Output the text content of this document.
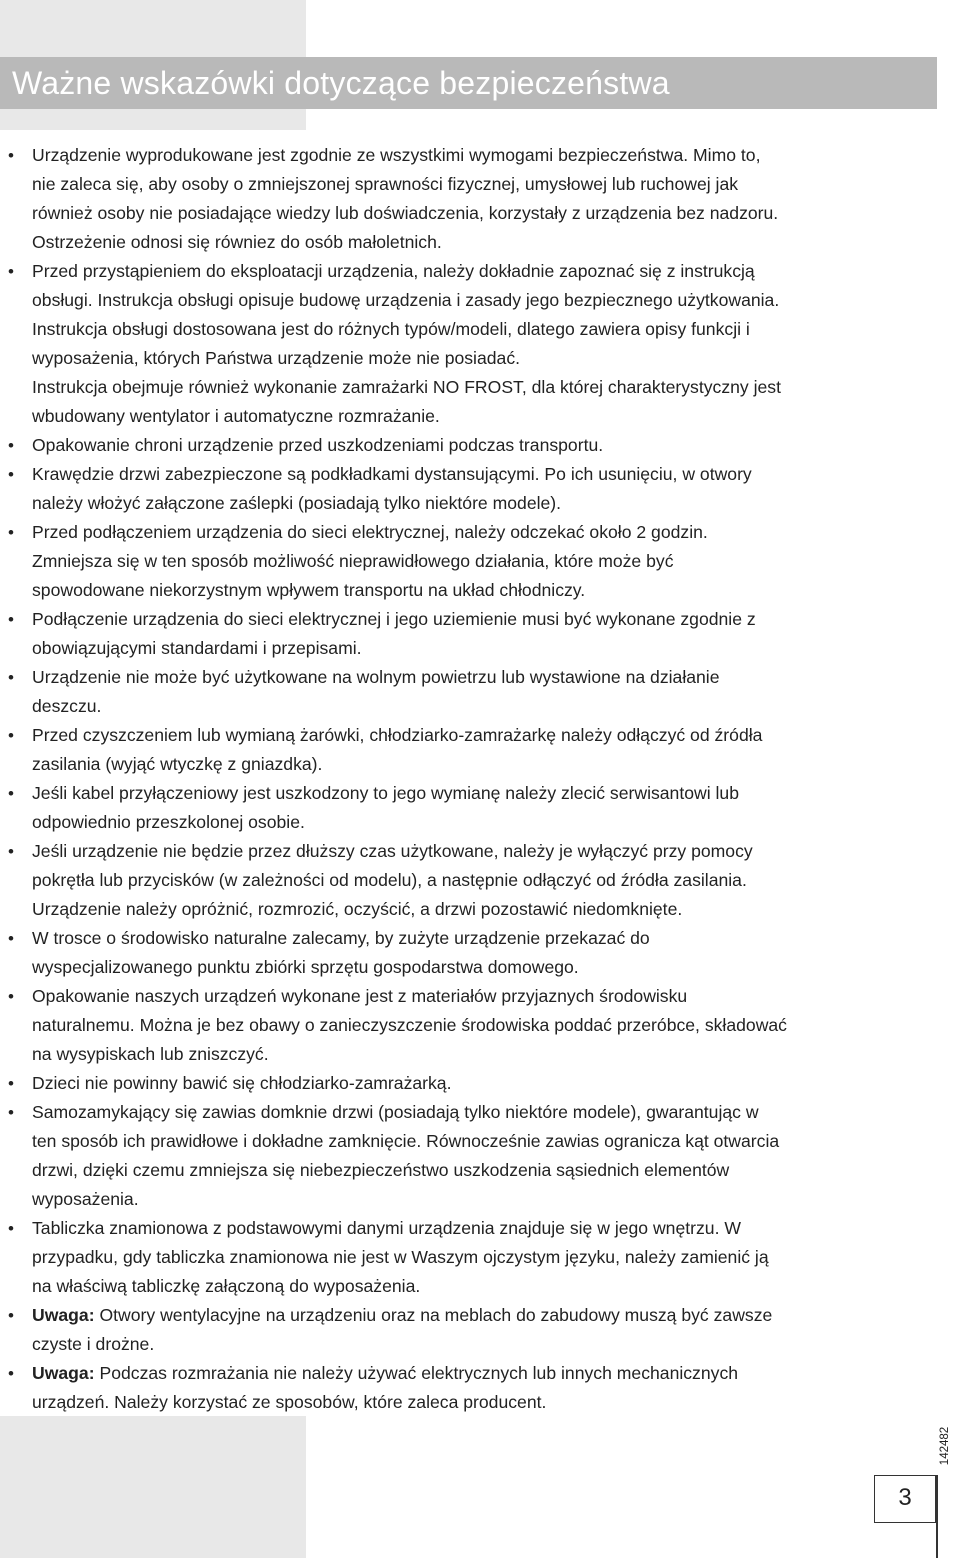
Ważne wskazówki dotyczące bezpieczeństwa
• Urządzenie wyprodukowane jest zgodnie ze wszystkimi wymogami bezpieczeństwa. Mimo to,
nie zaleca się, aby osoby o zmniejszonej sprawności fizycznej, umysłowej lub ruchowej jak
również osoby nie posiadające wiedzy lub doświadczenia, korzystały z urządzenia bez nadzoru.
Ostrzeżenie odnosi się równiez do osób małoletnich.
• Przed przystąpieniem do eksploatacji urządzenia, należy dokładnie zapoznać się z instrukcją
obsługi. Instrukcja obsługi opisuje budowę urządzenia i zasady jego bezpiecznego użytkowania.
Instrukcja obsługi dostosowana jest do różnych typów/modeli, dlatego zawiera opisy funkcji i
wyposażenia, których Państwa urządzenie może nie posiadać.
Instrukcja obejmuje również wykonanie zamrażarki NO FROST, dla której charakterystyczny jest
wbudowany wentylator i automatyczne rozmrażanie.
• Opakowanie chroni urządzenie przed uszkodzeniami podczas transportu.
• Krawędzie drzwi zabezpieczone są podkładkami dystansującymi. Po ich usunięciu, w otwory
należy włożyć załączone zaślepki (posiadają tylko niektóre modele).
• Przed podłączeniem urządzenia do sieci elektrycznej, należy odczekać około 2 godzin.
Zmniejsza się w ten sposób możliwość nieprawidłowego działania, które może być
spowodowane niekorzystnym wpływem transportu na układ chłodniczy.
• Podłączenie urządzenia do sieci elektrycznej i jego uziemienie musi być wykonane zgodnie z
obowiązującymi standardami i przepisami.
• Urządzenie nie może być użytkowane na wolnym powietrzu lub wystawione na działanie
deszczu.
• Przed czyszczeniem lub wymianą żarówki, chłodziarko-zamrażarkę należy odłączyć od źródła
zasilania (wyjąć wtyczkę z gniazdka).
• Jeśli kabel przyłączeniowy jest uszkodzony to jego wymianę należy zlecić serwisantowi lub
odpowiednio przeszkolonej osobie.
• Jeśli urządzenie nie będzie przez dłuższy czas użytkowane, należy je wyłączyć przy pomocy
pokrętła lub przycisków (w zależności od modelu), a następnie odłączyć od źródła zasilania.
Urządzenie należy opróżnić, rozmrozić, oczyścić, a drzwi pozostawić niedomknięte.
• W trosce o środowisko naturalne zalecamy, by zużyte urządzenie przekazać do
wyspecjalizowanego punktu zbiórki sprzętu gospodarstwa domowego.
• Opakowanie naszych urządzeń wykonane jest z materiałów przyjaznych środowisku
naturalnemu. Można je bez obawy o zanieczyszczenie środowiska poddać przeróbce, składować
na wysypiskach lub zniszczyć.
• Dzieci nie powinny bawić się chłodziarko-zamrażarką.
• Samozamykający się zawias domknie drzwi (posiadają tylko niektóre modele), gwarantując w
ten sposób ich prawidłowe i dokładne zamknięcie. Równocześnie zawias ogranicza kąt otwarcia
drzwi, dzięki czemu zmniejsza się niebezpieczeństwo uszkodzenia sąsiednich elementów
wyposażenia.
• Tabliczka znamionowa z podstawowymi danymi urządzenia znajduje się w jego wnętrzu. W
przypadku, gdy tabliczka znamionowa nie jest w Waszym ojczystym języku, należy zamienić ją
na właściwą tabliczkę załączoną do wyposażenia.
• Uwaga: Otwory wentylacyjne na urządzeniu oraz na meblach do zabudowy muszą być zawsze
czyste i drożne.
• Uwaga: Podczas rozmrażania nie należy używać elektrycznych lub innych mechanicznych
urządzeń. Należy korzystać ze sposobów, które zaleca producent.
142482
3
